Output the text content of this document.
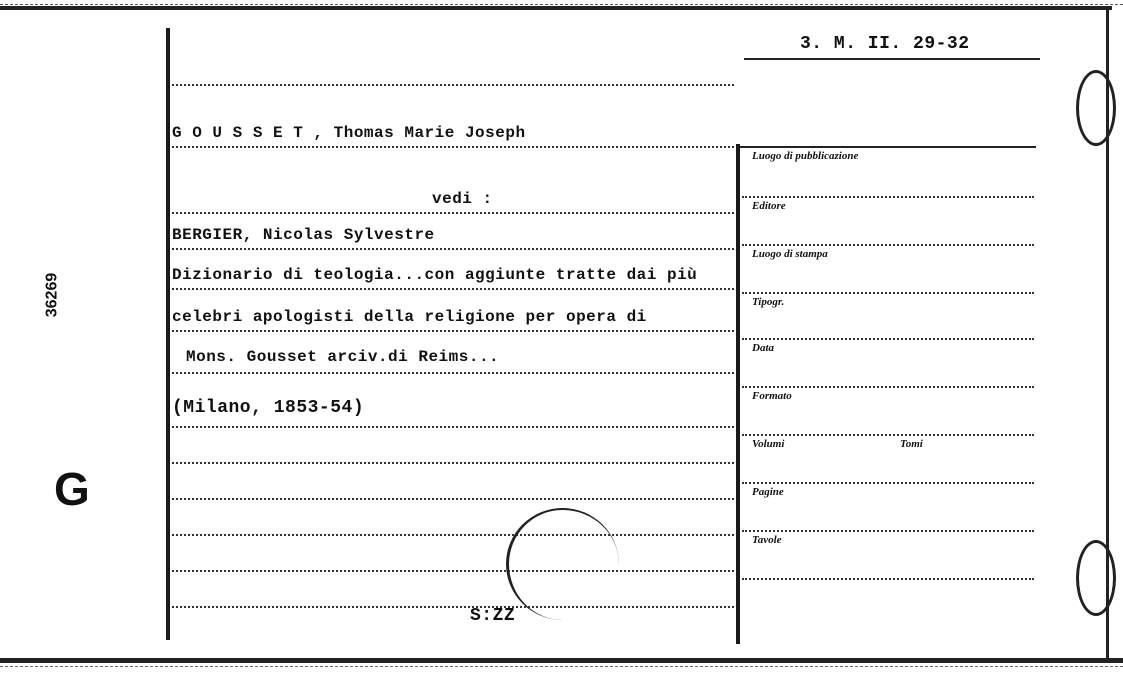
36269
G
3. M. II. 29-32
G O U S S E T , Thomas Marie Joseph
vedi :
BERGIER, Nicolas Sylvestre
Dizionario di teologia...con aggiunte tratte dai più
celebri apologisti della religione per opera di
Mons. Gousset arciv.di Reims...
(Milano, 1853-54)
S:ZZ
Luogo di pubblicazione
Editore
Luogo di stampa
Tipogr.
Data
Formato
Volumi	Tomi
Pagine
Tavole
